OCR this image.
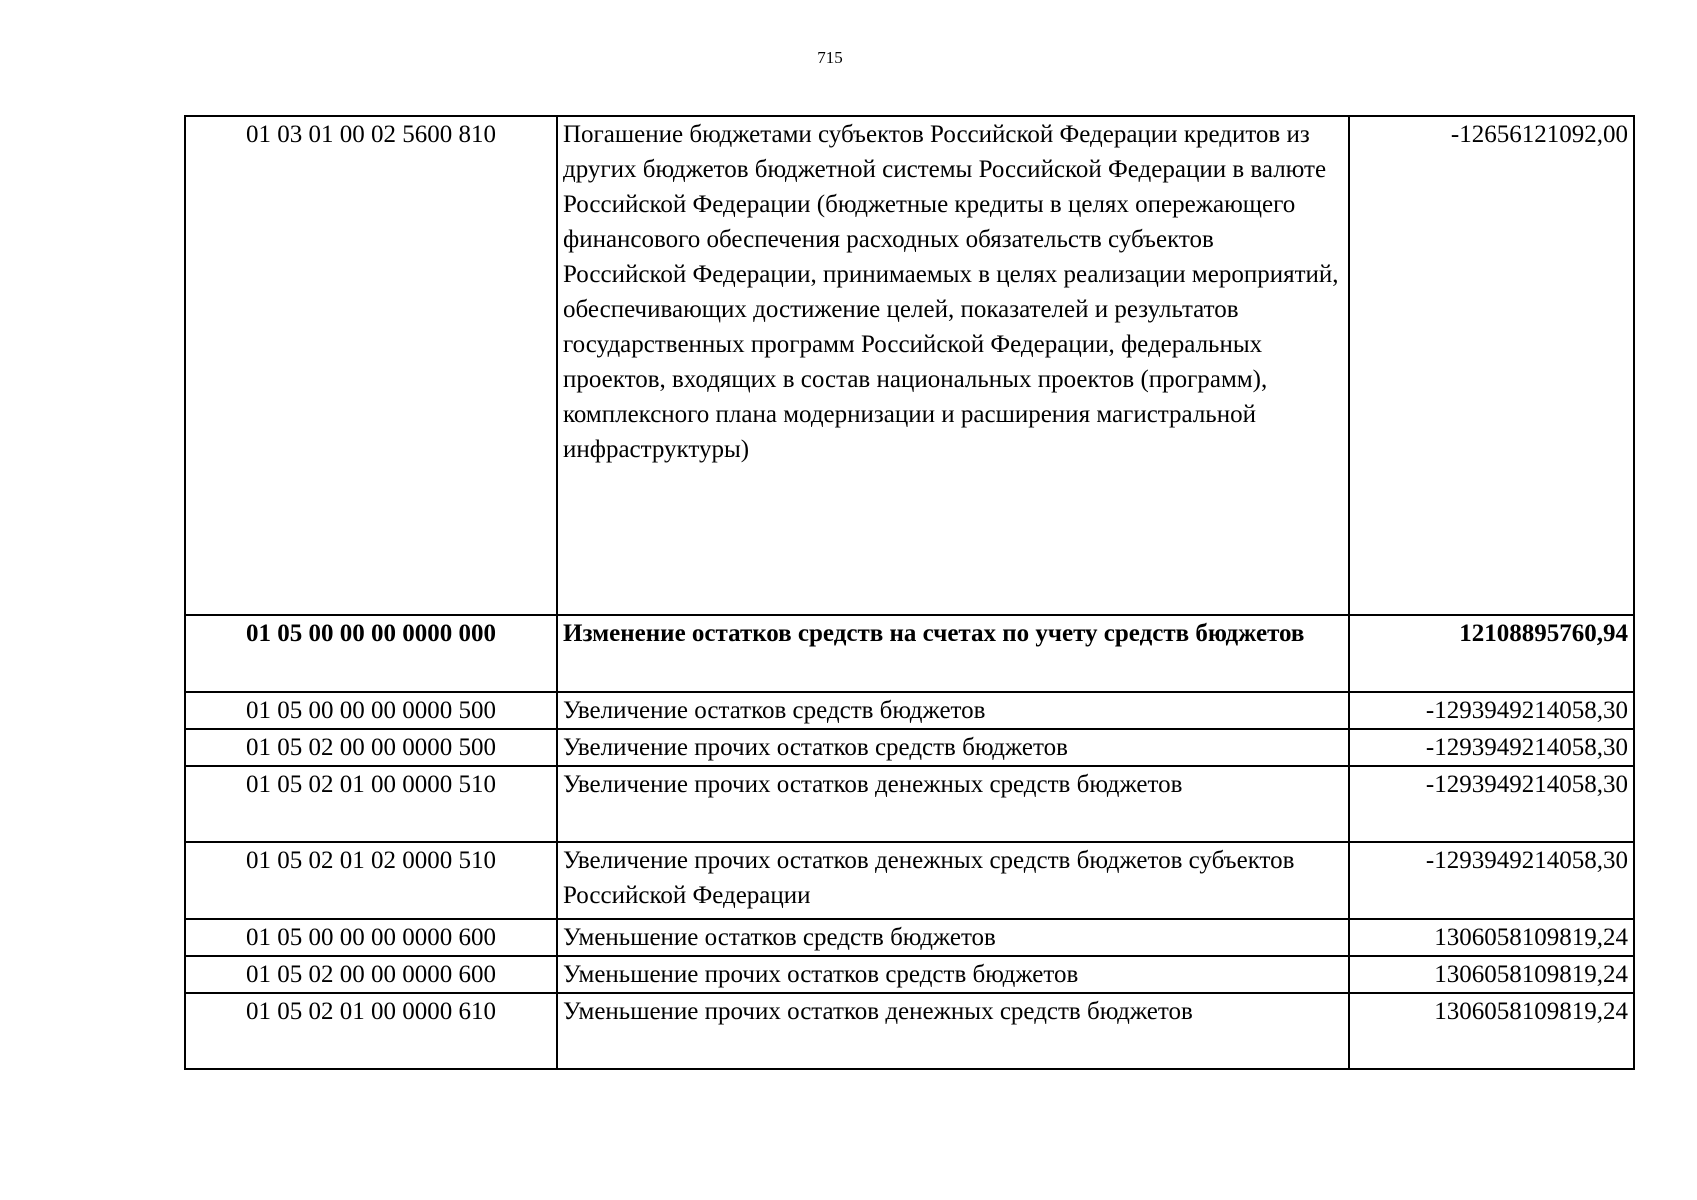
715
01 03 01 00 02 5600 810	Погашение бюджетами субъектов Российской Федерации кредитов из других бюджетов бюджетной системы Российской Федерации в валюте Российской Федерации (бюджетные кредиты в целях опережающего финансового обеспечения расходных обязательств субъектов Российской Федерации, принимаемых в целях реализации мероприятий, обеспечивающих достижение целей, показателей и результатов государственных программ Российской Федерации, федеральных проектов, входящих в состав национальных проектов (программ), комплексного плана модернизации и расширения магистральной инфраструктуры)	-12656121092,00
01 05 00 00 00 0000 000	Изменение остатков средств на счетах по учету средств бюджетов	12108895760,94
01 05 00 00 00 0000 500	Увеличение остатков средств бюджетов	-1293949214058,30
01 05 02 00 00 0000 500	Увеличение прочих остатков средств бюджетов	-1293949214058,30
01 05 02 01 00 0000 510	Увеличение прочих остатков денежных средств бюджетов	-1293949214058,30
01 05 02 01 02 0000 510	Увеличение прочих остатков денежных средств бюджетов субъектов Российской Федерации	-1293949214058,30
01 05 00 00 00 0000 600	Уменьшение остатков средств бюджетов	1306058109819,24
01 05 02 00 00 0000 600	Уменьшение прочих остатков средств бюджетов	1306058109819,24
01 05 02 01 00 0000 610	Уменьшение прочих остатков денежных средств бюджетов	1306058109819,24
